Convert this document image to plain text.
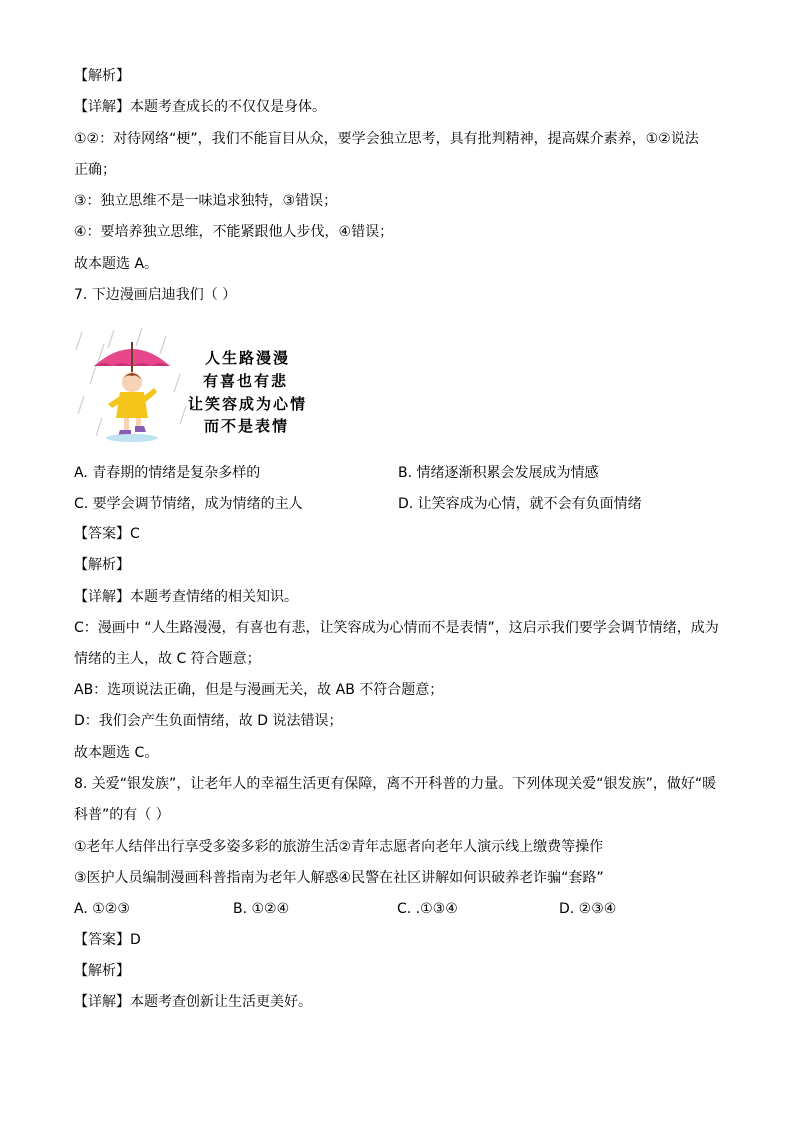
【解析】
【详解】本题考查成长的不仅仅是身体。
①②：对待网络“梗”，我们不能盲目从众，要学会独立思考，具有批判精神，提高媒介素养，①②说法
正确；
③：独立思维不是一味追求独特，③错误；
④：要培养独立思维，不能紧跟他人步伐，④错误；
故本题选 A。
7. 下边漫画启迪我们（ ）
人生路漫漫
有喜也有悲
让笑容成为心情
而不是表情
A. 青春期的情绪是复杂多样的	B. 情绪逐渐积累会发展成为情感
C. 要学会调节情绪，成为情绪的主人	D. 让笑容成为心情，就不会有负面情绪
【答案】C
【解析】
【详解】本题考查情绪的相关知识。
C：漫画中 “人生路漫漫，有喜也有悲，让笑容成为心情而不是表情”，这启示我们要学会调节情绪，成为
情绪的主人，故 C 符合题意；
AB：选项说法正确，但是与漫画无关，故 AB 不符合题意；
D：我们会产生负面情绪，故 D 说法错误；
故本题选 C。
8. 关爱“银发族”，让老年人的幸福生活更有保障，离不开科普的力量。下列体现关爱“银发族”，做好“暖
科普”的有（ ）
①老年人结伴出行享受多姿多彩的旅游生活②青年志愿者向老年人演示线上缴费等操作
③医护人员编制漫画科普指南为老年人解惑④民警在社区讲解如何识破养老诈骗“套路”
A. ①②③	B. ①②④	C. .①③④	D. ②③④
【答案】D
【解析】
【详解】本题考查创新让生活更美好。
